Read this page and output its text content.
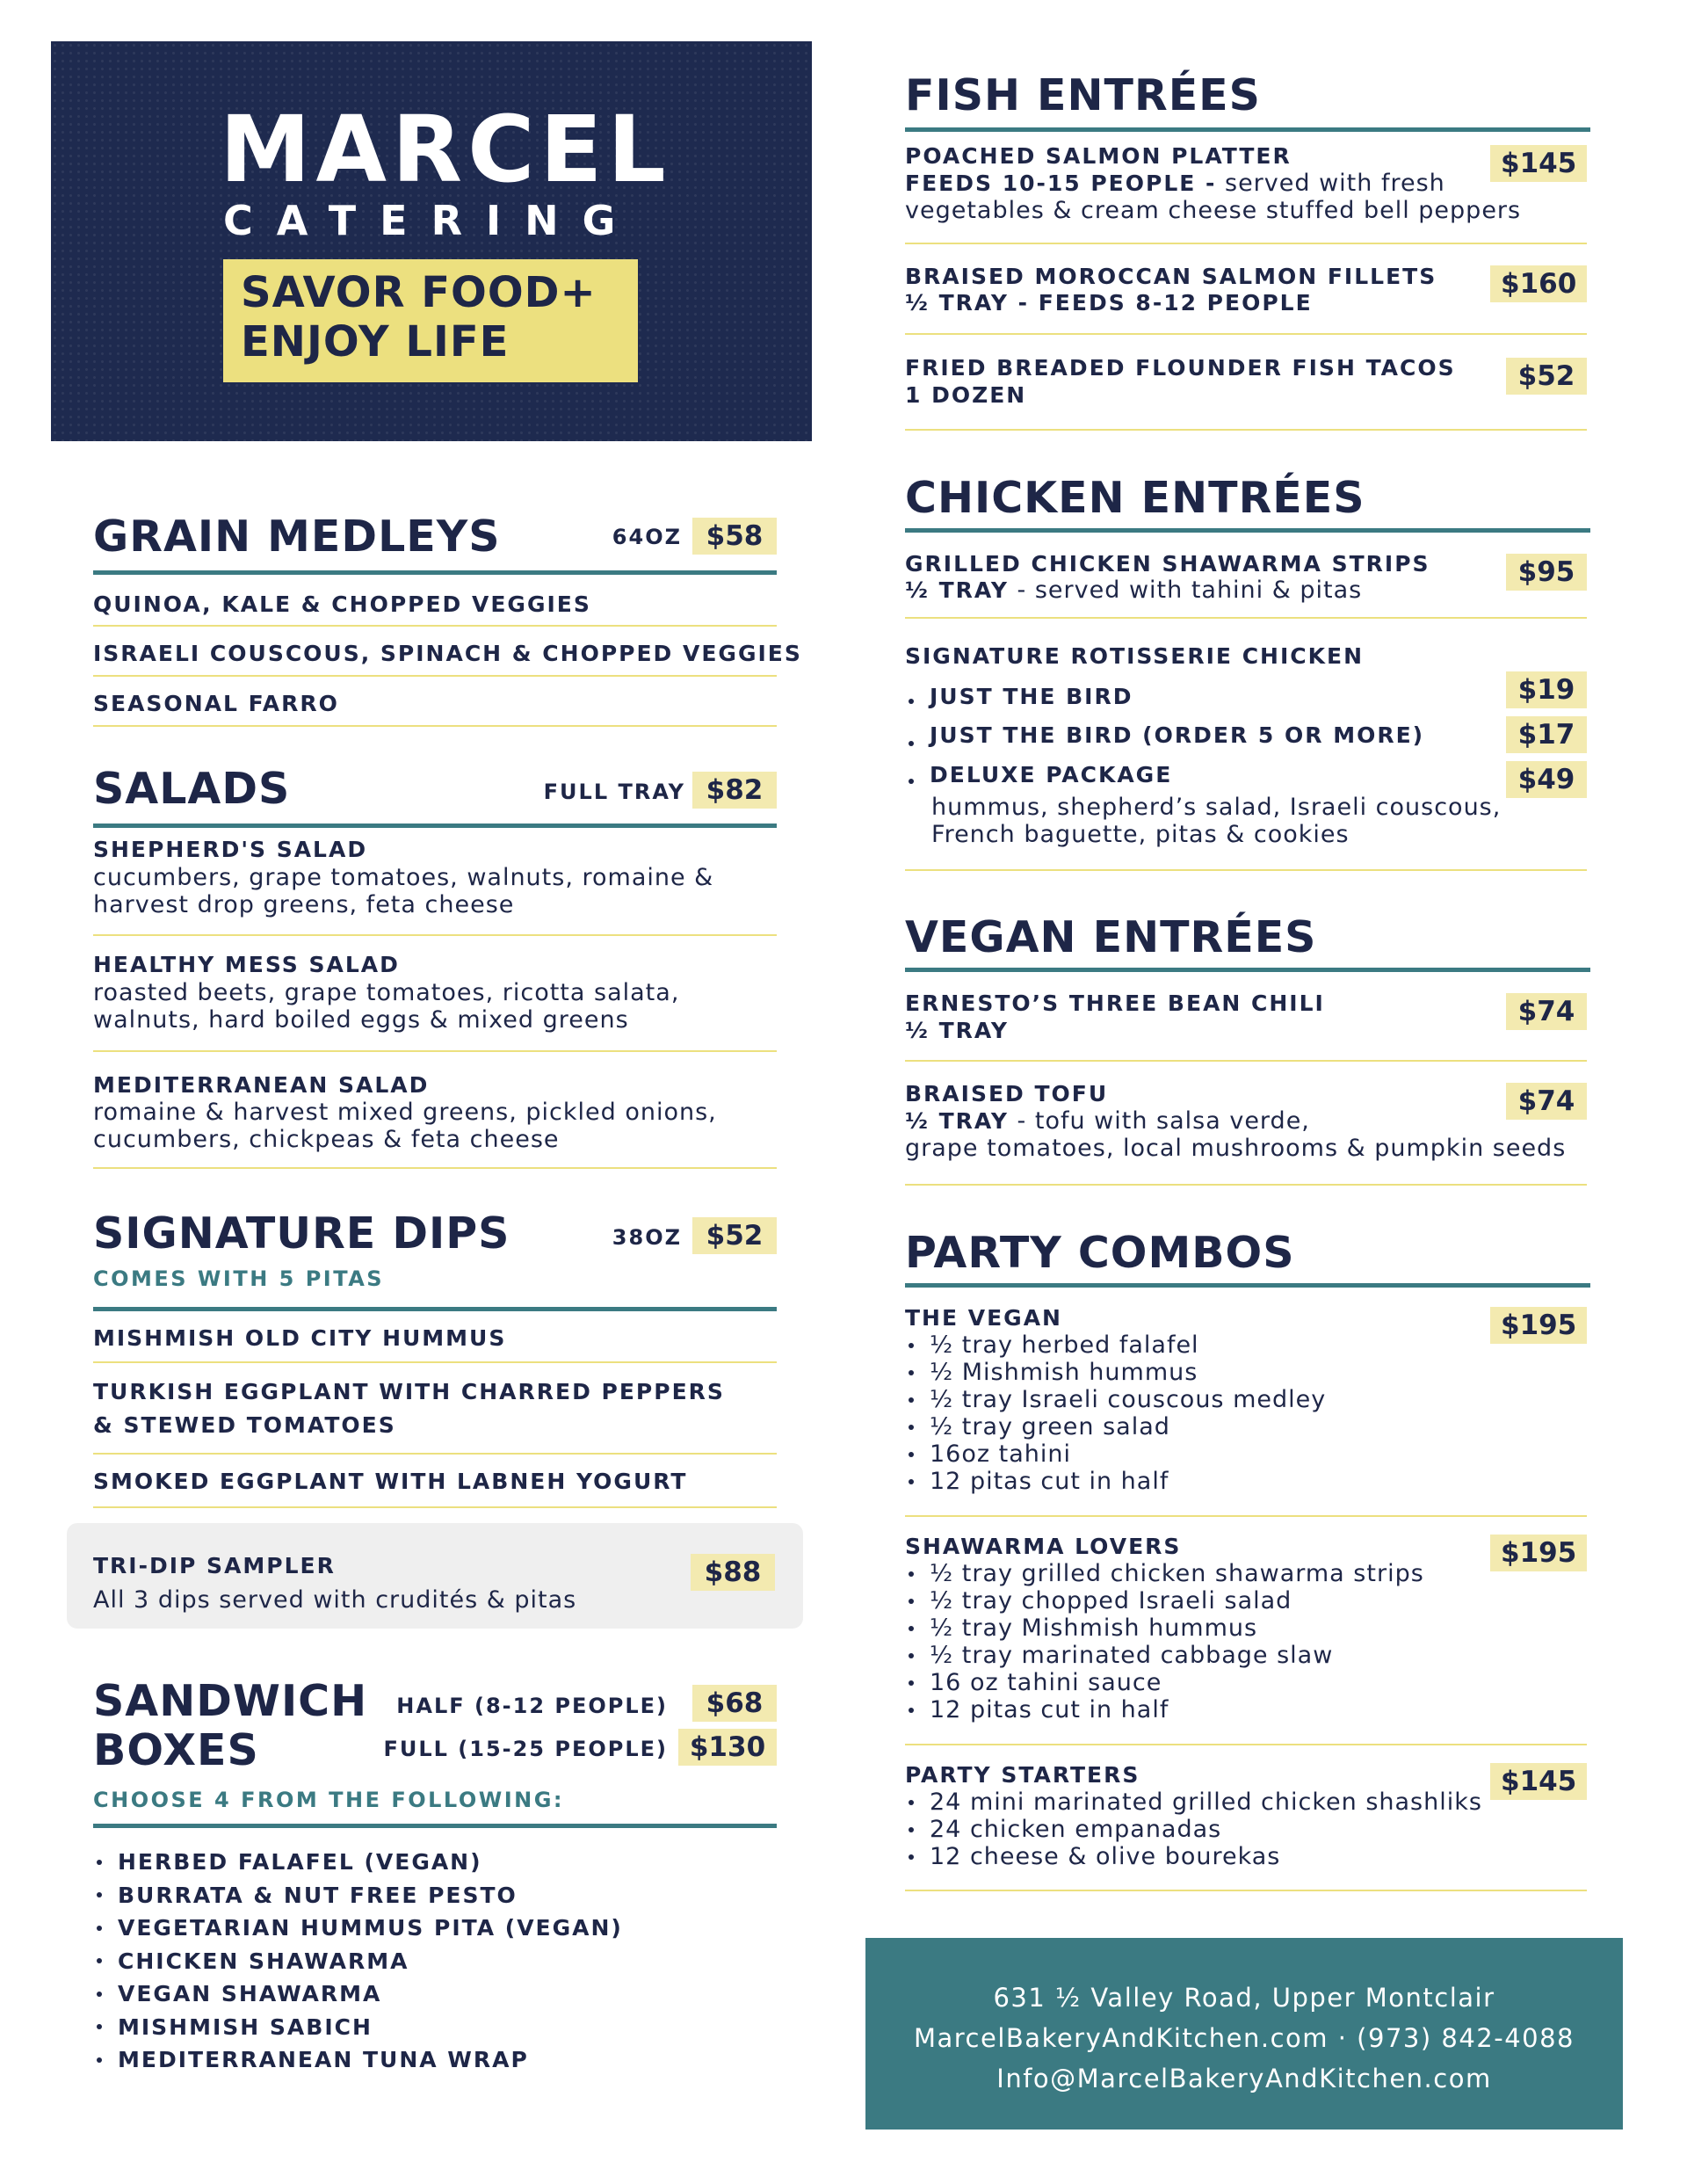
MARCEL
CATERING
SAVOR FOOD+
ENJOY LIFE
GRAIN MEDLEYS	64OZ $58
QUINOA, KALE & CHOPPED VEGGIES
ISRAELI COUSCOUS, SPINACH & CHOPPED VEGGIES
SEASONAL FARRO
SALADS	FULL TRAY $82
SHEPHERD'S SALAD
cucumbers, grape tomatoes, walnuts, romaine &
harvest drop greens, feta cheese
HEALTHY MESS SALAD
roasted beets, grape tomatoes, ricotta salata,
walnuts, hard boiled eggs & mixed greens
MEDITERRANEAN SALAD
romaine & harvest mixed greens, pickled onions,
cucumbers, chickpeas & feta cheese
SIGNATURE DIPS	38OZ $52
COMES WITH 5 PITAS
MISHMISH OLD CITY HUMMUS
TURKISH EGGPLANT WITH CHARRED PEPPERS
& STEWED TOMATOES
SMOKED EGGPLANT WITH LABNEH YOGURT
TRI-DIP SAMPLER
All 3 dips served with crudités & pitas
$88
SANDWICH
BOXES
HALF (8-12 PEOPLE)	$68
FULL (15-25 PEOPLE) $130
CHOOSE 4 FROM THE FOLLOWING:
HERBED FALAFEL (VEGAN)
BURRATA & NUT FREE PESTO
VEGETARIAN HUMMUS PITA (VEGAN)
CHICKEN SHAWARMA
VEGAN SHAWARMA
MISHMISH SABICH
MEDITERRANEAN TUNA WRAP
FISH ENTRÉES
POACHED SALMON PLATTER
FEEDS 10-15 PEOPLE - served with fresh
vegetables & cream cheese stuffed bell peppers
$145
BRAISED MOROCCAN SALMON FILLETS
½ TRAY - FEEDS 8-12 PEOPLE
$160
FRIED BREADED FLOUNDER FISH TACOS
1 DOZEN
$52
CHICKEN ENTRÉES
GRILLED CHICKEN SHAWARMA STRIPS
½ TRAY - served with tahini & pitas
$95
SIGNATURE ROTISSERIE CHICKEN
JUST THE BIRD
JUST THE BIRD (ORDER 5 OR MORE)
DELUXE PACKAGE
hummus, shepherd’s salad, Israeli couscous,
French baguette, pitas & cookies
$19
$17
$49
VEGAN ENTRÉES
ERNESTO’S THREE BEAN CHILI
½ TRAY
$74
BRAISED TOFU
½ TRAY - tofu with salsa verde,
grape tomatoes, local mushrooms & pumpkin seeds
$74
PARTY COMBOS
THE VEGAN	$195
½ tray herbed falafel
½ Mishmish hummus
½ tray Israeli couscous medley
½ tray green salad
16oz tahini
12 pitas cut in half
SHAWARMA LOVERS	$195
½ tray grilled chicken shawarma strips
½ tray chopped Israeli salad
½ tray Mishmish hummus
½ tray marinated cabbage slaw
16 oz tahini sauce
12 pitas cut in half
PARTY STARTERS	$145
24 mini marinated grilled chicken shashliks
24 chicken empanadas
12 cheese & olive bourekas
631 ½ Valley Road, Upper Montclair
MarcelBakeryAndKitchen.com · (973) 842-4088
Info@MarcelBakeryAndKitchen.com
